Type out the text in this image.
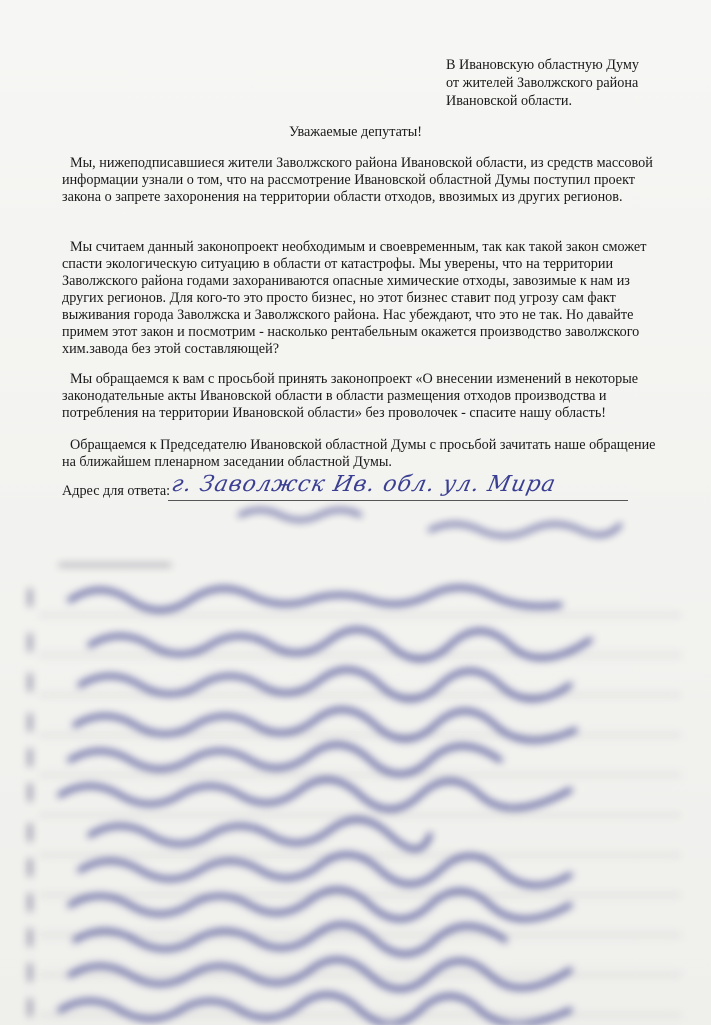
В Ивановскую областную Думу
от жителей Заволжского района
Ивановской области.
Уважаемые депутаты!
Мы, нижеподписавшиеся жители Заволжского района Ивановской области, из средств массовой информации узнали о том, что на рассмотрение Ивановской областной Думы поступил проект закона о запрете захоронения на территории области отходов, ввозимых из других регионов.
Мы считаем данный законопроект необходимым и своевременным, так как такой закон сможет спасти экологическую ситуацию в области от катастрофы. Мы уверены, что на территории Заволжского района годами захораниваются опасные химические отходы, завозимые к нам из других регионов. Для кого-то это просто бизнес, но этот бизнес ставит под угрозу сам факт выживания города Заволжска и Заволжского района. Нас убеждают, что это не так. Но давайте примем этот закон и посмотрим - насколько рентабельным окажется производство заволжского хим.завода без этой составляющей?
Мы обращаемся к вам с просьбой принять законопроект «О внесении изменений в некоторые законодательные акты Ивановской области в области размещения отходов производства и потребления на территории Ивановской области» без проволочек - спасите нашу область!
Обращаемся к Председателю Ивановской областной Думы с просьбой зачитать наше обращение на ближайшем пленарном заседании областной Думы.
Адрес для ответа: г. Заволжск Ив. обл. ул. Мира
